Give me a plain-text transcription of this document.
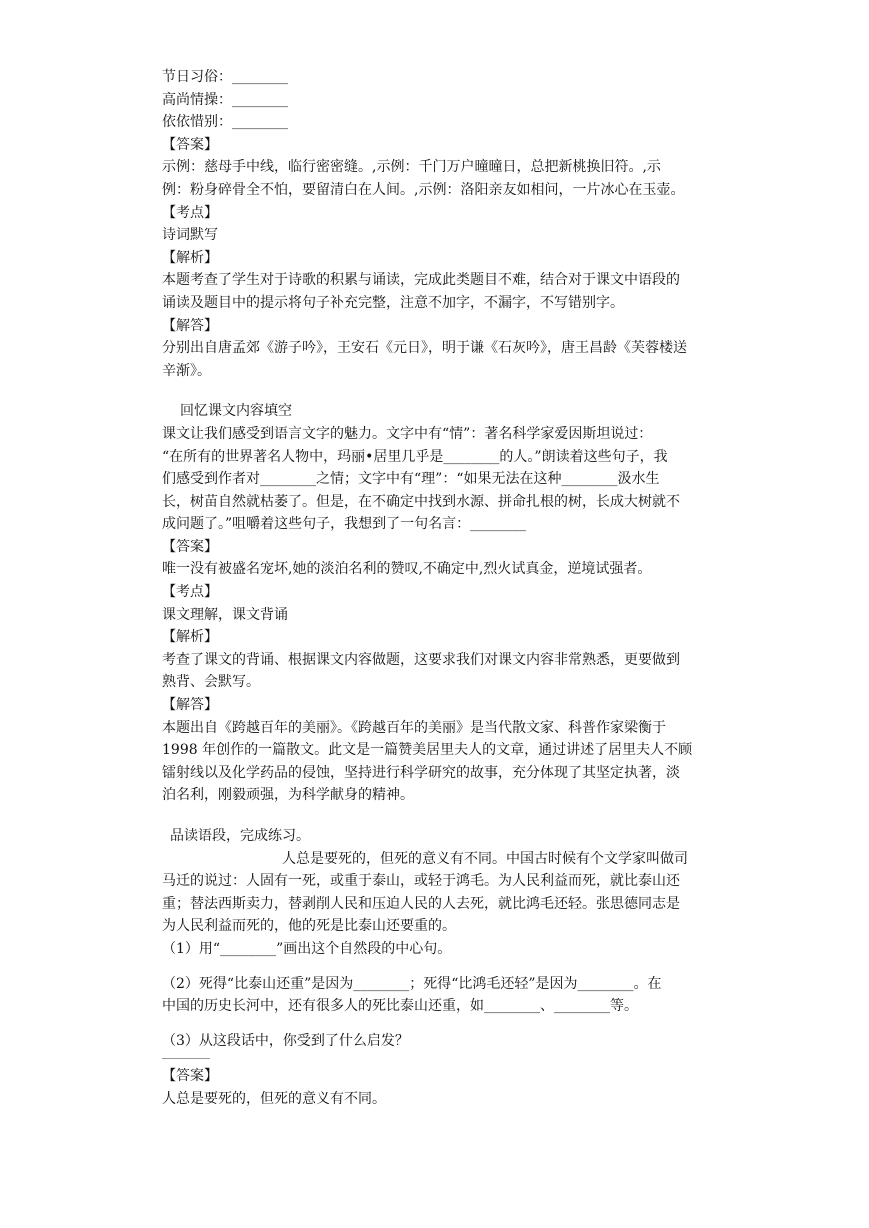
节日习俗：________
高尚情操：________
依依惜别：________
【答案】
示例：慈母手中线，临行密密缝。,示例：千门万户曈曈日，总把新桃换旧符。,示
例：粉身碎骨全不怕，要留清白在人间。,示例：洛阳亲友如相问，一片冰心在玉壶。
【考点】
诗词默写
【解析】
本题考查了学生对于诗歌的积累与诵读，完成此类题目不难，结合对于课文中语段的
诵读及题目中的提示将句子补充完整，注意不加字，不漏字，不写错别字。
【解答】
分别出自唐孟郊《游子吟》，王安石《元日》，明于谦《石灰吟》，唐王昌龄《芙蓉楼送
辛渐》。
回忆课文内容填空
课文让我们感受到语言文字的魅力。文字中有“情”：著名科学家爱因斯坦说过：
“在所有的世界著名人物中，玛丽•居里几乎是________的人。”朗读着这些句子，我
们感受到作者对________之情；文字中有“理”：“如果无法在这种________汲水生
长，树苗自然就枯萎了。但是，在不确定中找到水源、拼命扎根的树，长成大树就不
成问题了。”咀嚼着这些句子，我想到了一句名言：________
【答案】
唯一没有被盛名宠坏,她的淡泊名利的赞叹,不确定中,烈火试真金，逆境试强者。
【考点】
课文理解，课文背诵
【解析】
考查了课文的背诵、根据课文内容做题，这要求我们对课文内容非常熟悉，更要做到
熟背、会默写。
【解答】
本题出自《跨越百年的美丽》。《跨越百年的美丽》是当代散文家、科普作家梁衡于
1998 年创作的一篇散文。此文是一篇赞美居里夫人的文章，通过讲述了居里夫人不顾
镭射线以及化学药品的侵蚀，坚持进行科学研究的故事，充分体现了其坚定执著，淡
泊名利，刚毅顽强，为科学献身的精神。
品读语段，完成练习。
人总是要死的，但死的意义有不同。中国古时候有个文学家叫做司
马迁的说过：人固有一死，或重于泰山，或轻于鸿毛。为人民利益而死，就比泰山还
重；替法西斯卖力，替剥削人民和压迫人民的人去死，就比鸿毛还轻。张思德同志是
为人民利益而死的，他的死是比泰山还要重的。
（1）用“________”画出这个自然段的中心句。
（2）死得“比泰山还重”是因为________；死得“比鸿毛还轻”是因为________。在
中国的历史长河中，还有很多人的死比泰山还重，如________、________等。
（3）从这段话中，你受到了什么启发？
【答案】
人总是要死的，但死的意义有不同。
